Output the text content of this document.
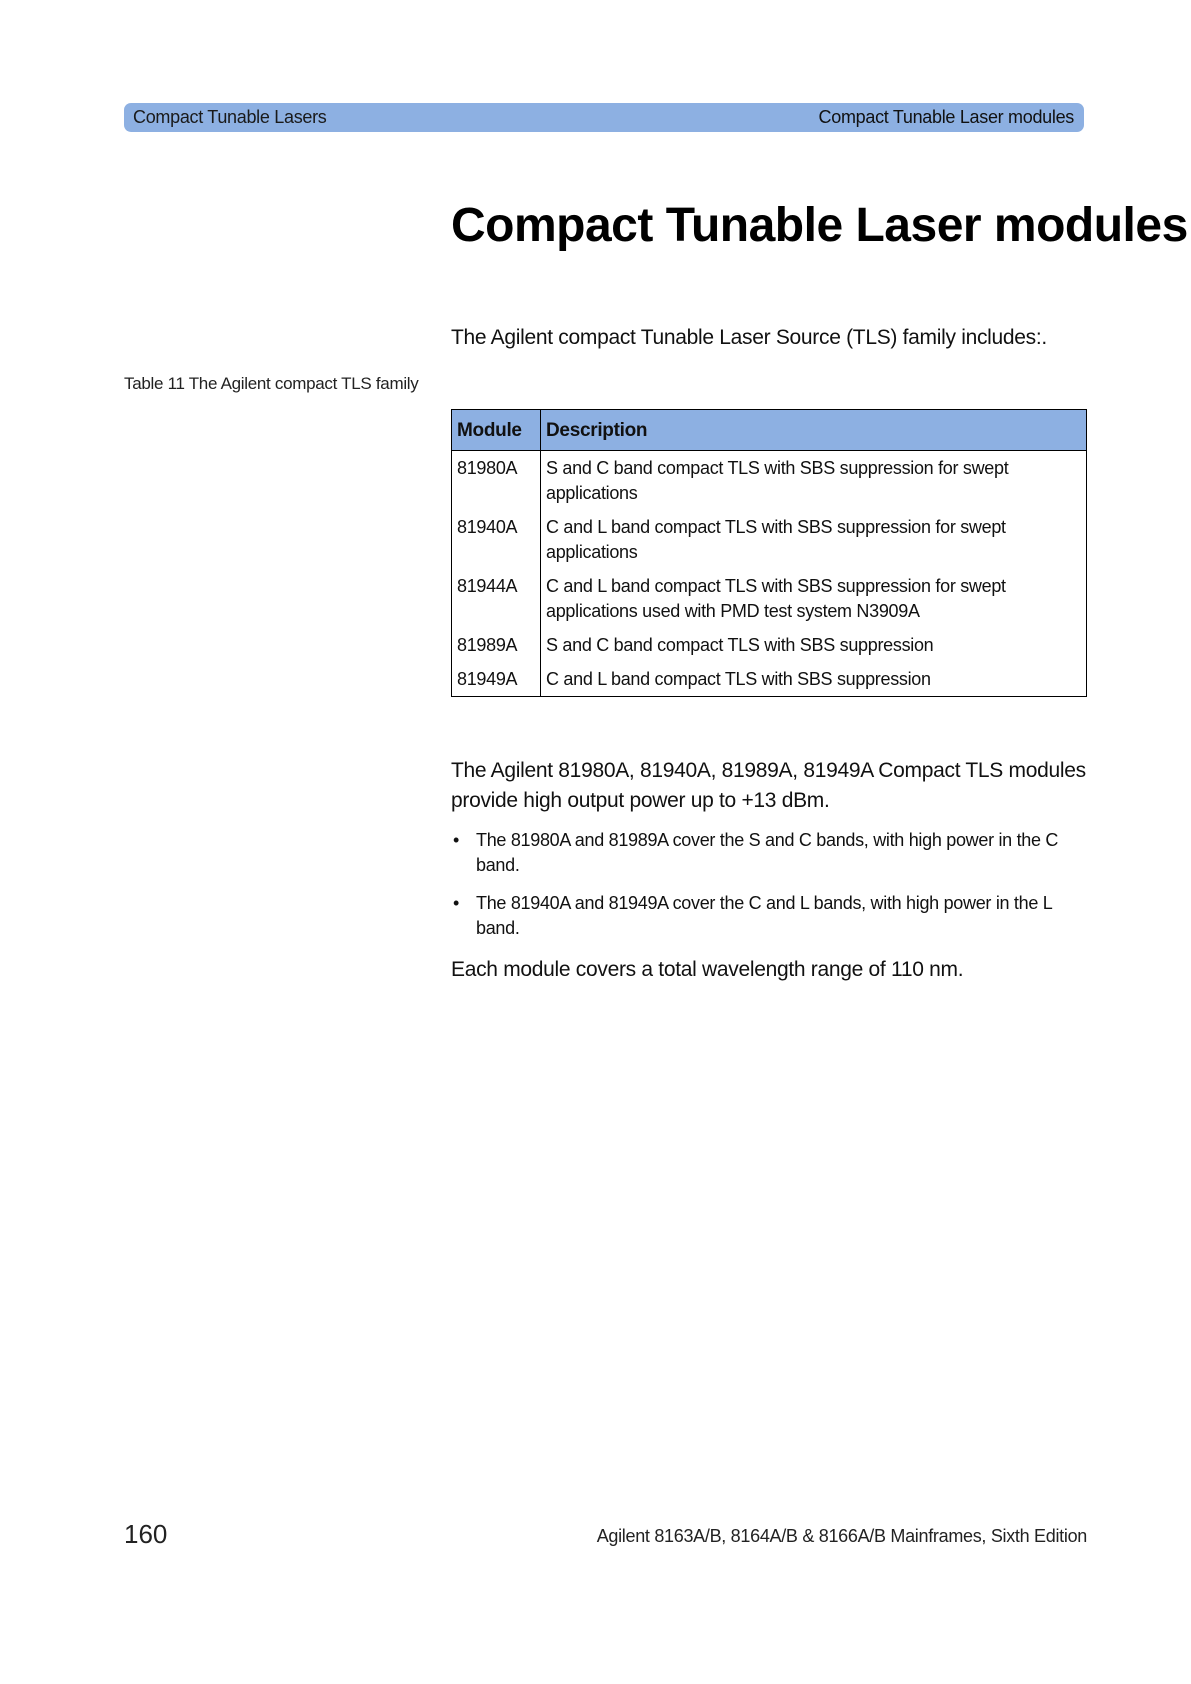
Compact Tunable Lasers	Compact Tunable Laser modules
Compact Tunable Laser modules

The Agilent compact Tunable Laser Source (TLS) family includes:.

Table 11 The Agilent compact TLS family

Module	Description
81980A	S and C band compact TLS with SBS suppression for swept applications
81940A	C and L band compact TLS with SBS suppression for swept applications
81944A	C and L band compact TLS with SBS suppression for swept applications used with PMD test system N3909A
81989A	S and C band compact TLS with SBS suppression
81949A	C and L band compact TLS with SBS suppression

The Agilent 81980A, 81940A, 81989A, 81949A Compact TLS modules provide high output power up to +13 dBm.

• The 81980A and 81989A cover the S and C bands, with high power in the C band.
• The 81940A and 81949A cover the C and L bands, with high power in the L band.

Each module covers a total wavelength range of 110 nm.

160	Agilent 8163A/B, 8164A/B & 8166A/B Mainframes, Sixth Edition
